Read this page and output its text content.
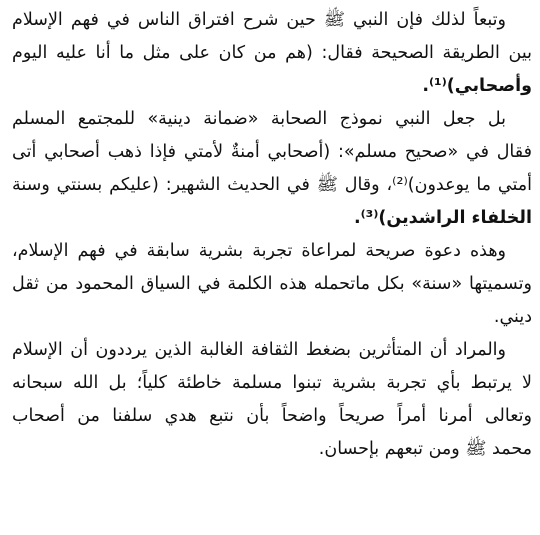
وتبعاً لذلك فإن النبي ﷺ حين شرح افتراق الناس في فهم الإسلام
بين الطريقة الصحيحة فقال: (هم من كان على مثل ما أنا عليه اليوم
وأصحابي)⁽¹⁾.
بل جعل النبي نموذج الصحابة «ضمانة دينية» للمجتمع المسلم
فقال في «صحيح مسلم»: (أصحابي أمنةٌ لأمتي فإذا ذهب أصحابي أتى
أمتي ما يوعدون)⁽²⁾، وقال ﷺ في الحديث الشهير: (عليكم بسنتي وسنة
الخلفاء الراشدين)⁽³⁾.
وهذه دعوة صريحة لمراعاة تجربة بشرية سابقة في فهم الإسلام،
وتسميتها «سنة» بكل ماتحمله هذه الكلمة في السياق المحمود من ثقل
ديني.
والمراد أن المتأثرين بضغط الثقافة الغالبة الذين يرددون أن الإسلام
لا يرتبط بأي تجربة بشرية تبنوا مسلمة خاطئة كلياً؛ بل الله سبحانه
وتعالى أمرنا أمراً صريحاً واضحاً بأن نتبع هدي سلفنا من أصحاب
محمد ﷺ ومن تبعهم بإحسان.
